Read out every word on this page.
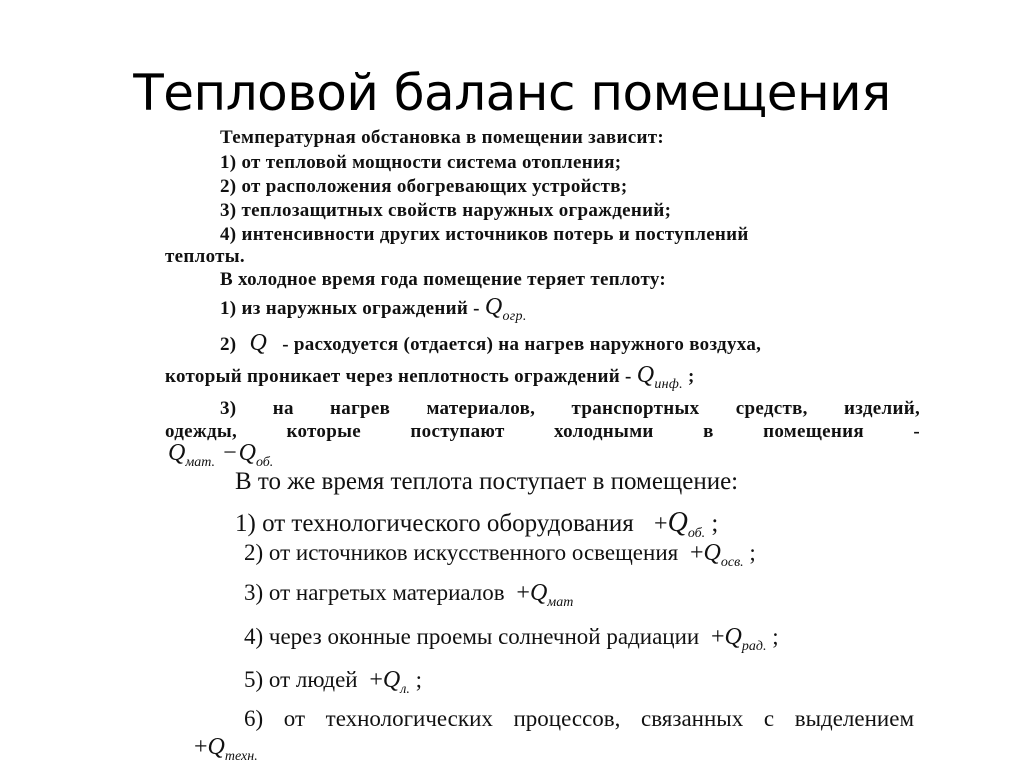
Тепловой баланс помещения
Температурная обстановка в помещении зависит:
1) от тепловой мощности система отопления;
2) от расположения обогревающих устройств;
3) теплозащитных свойств наружных ограждений;
4) интенсивности других источников потерь и поступлений
теплоты.
В холодное время года помещение теряет теплоту:
1) из наружных ограждений - $Q_{огр.}$
2) Q - расходуется (отдается) на нагрев наружного воздуха,
который проникает через неплотность ограждений - $Q_{инф.}$ ;
3) на нагрев материалов, транспортных средств, изделий,
одежды, которые поступают холодными в помещения -
$Q_{мат.} -Q_{об.}$
В то же время теплота поступает в помещение:
1) от технологического оборудования $+Q_{об.}$ ;
2) от источников искусственного освещения $+Q_{осв.}$ ;
3) от нагретых материалов $+Q_{мат}$
4) через оконные проемы солнечной радиации $+Q_{рад.}$ ;
5) от людей $+Q_{л.}$ ;
6) от технологических процессов, связанных с выделением
$+Q_{техн.}$
